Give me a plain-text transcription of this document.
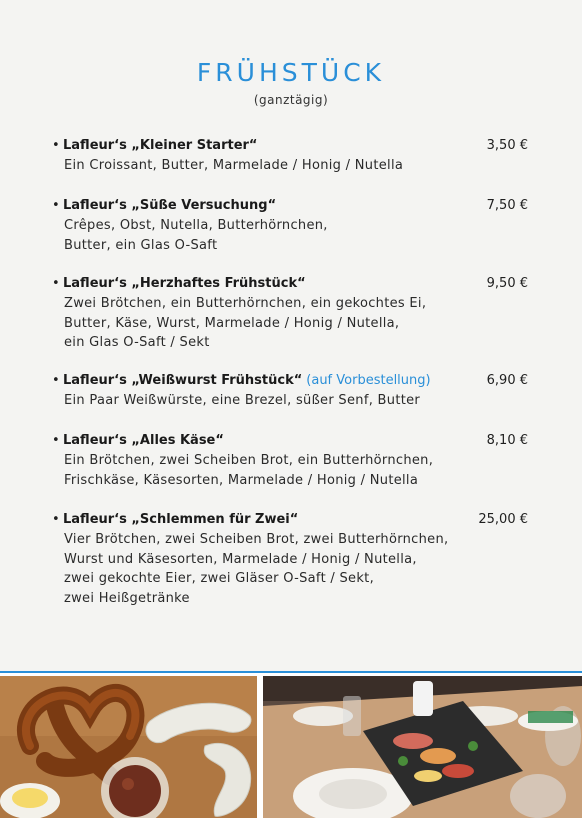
FRÜHSTÜCK
(ganztägig)
• Lafleur‘s „Kleiner Starter“	3,50 €
Ein Croissant, Butter, Marmelade / Honig / Nutella
• Lafleur‘s „Süße Versuchung“	7,50 €
Crêpes, Obst, Nutella, Butterhörnchen,
Butter, ein Glas O-Saft
• Lafleur‘s „Herzhaftes Frühstück“	9,50 €
Zwei Brötchen, ein Butterhörnchen, ein gekochtes Ei,
Butter, Käse, Wurst, Marmelade / Honig / Nutella,
ein Glas O-Saft / Sekt
• Lafleur‘s „Weißwurst Frühstück“ (auf Vorbestellung)	6,90 €
Ein Paar Weißwürste, eine Brezel, süßer Senf, Butter
• Lafleur‘s „Alles Käse“	8,10 €
Ein Brötchen, zwei Scheiben Brot, ein Butterhörnchen,
Frischkäse, Käsesorten, Marmelade / Honig / Nutella
• Lafleur‘s „Schlemmen für Zwei“	25,00 €
Vier Brötchen, zwei Scheiben Brot, zwei Butterhörnchen,
Wurst und Käsesorten, Marmelade / Honig / Nutella,
zwei gekochte Eier, zwei Gläser O-Saft / Sekt,
zwei Heißgetränke
